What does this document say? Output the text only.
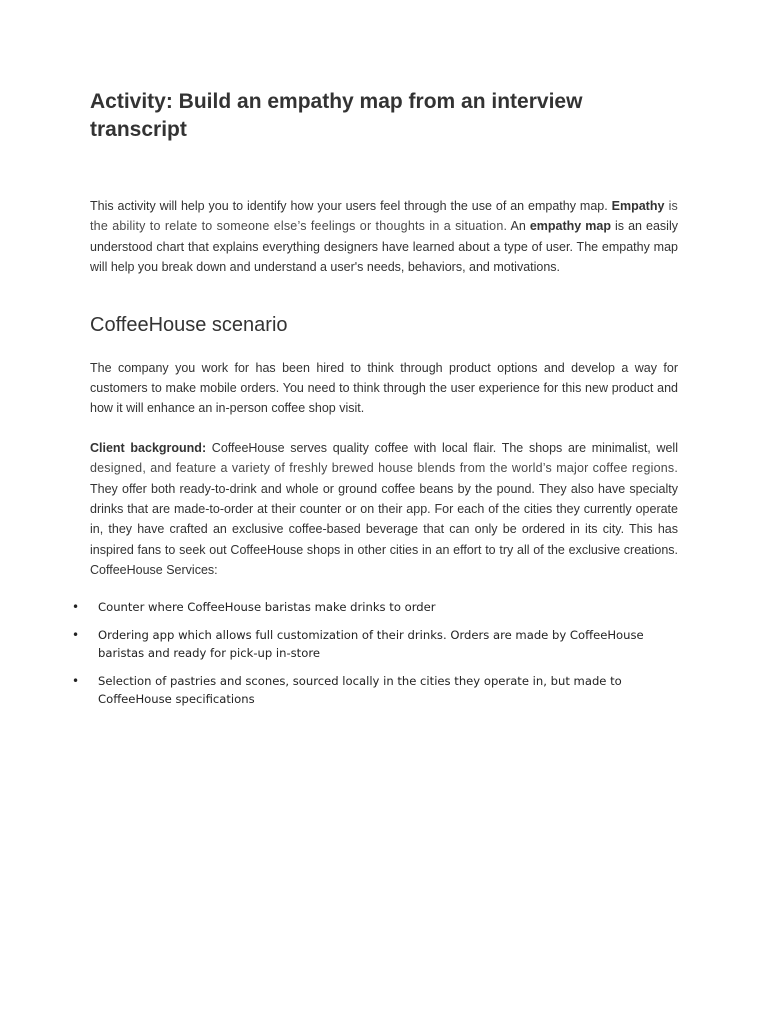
Activity: Build an empathy map from an interview transcript

This activity will help you to identify how your users feel through the use of an empathy map. Empathy is the ability to relate to someone else’s feelings or thoughts in a situation. An empathy map is an easily understood chart that explains everything designers have learned about a type of user. The empathy map will help you break down and understand a user's needs, behaviors, and motivations.

CoffeeHouse scenario

The company you work for has been hired to think through product options and develop a way for customers to make mobile orders. You need to think through the user experience for this new product and how it will enhance an in-person coffee shop visit.

Client background: CoffeeHouse serves quality coffee with local flair. The shops are minimalist, well designed, and feature a variety of freshly brewed house blends from the world’s major coffee regions. They offer both ready-to-drink and whole or ground coffee beans by the pound. They also have specialty drinks that are made-to-order at their counter or on their app. For each of the cities they currently operate in, they have crafted an exclusive coffee-based beverage that can only be ordered in its city. This has inspired fans to seek out CoffeeHouse shops in other cities in an effort to try all of the exclusive creations. CoffeeHouse Services:

• Counter where CoffeeHouse baristas make drinks to order
• Ordering app which allows full customization of their drinks. Orders are made by CoffeeHouse baristas and ready for pick-up in-store
• Selection of pastries and scones, sourced locally in the cities they operate in, but made to CoffeeHouse specifications
